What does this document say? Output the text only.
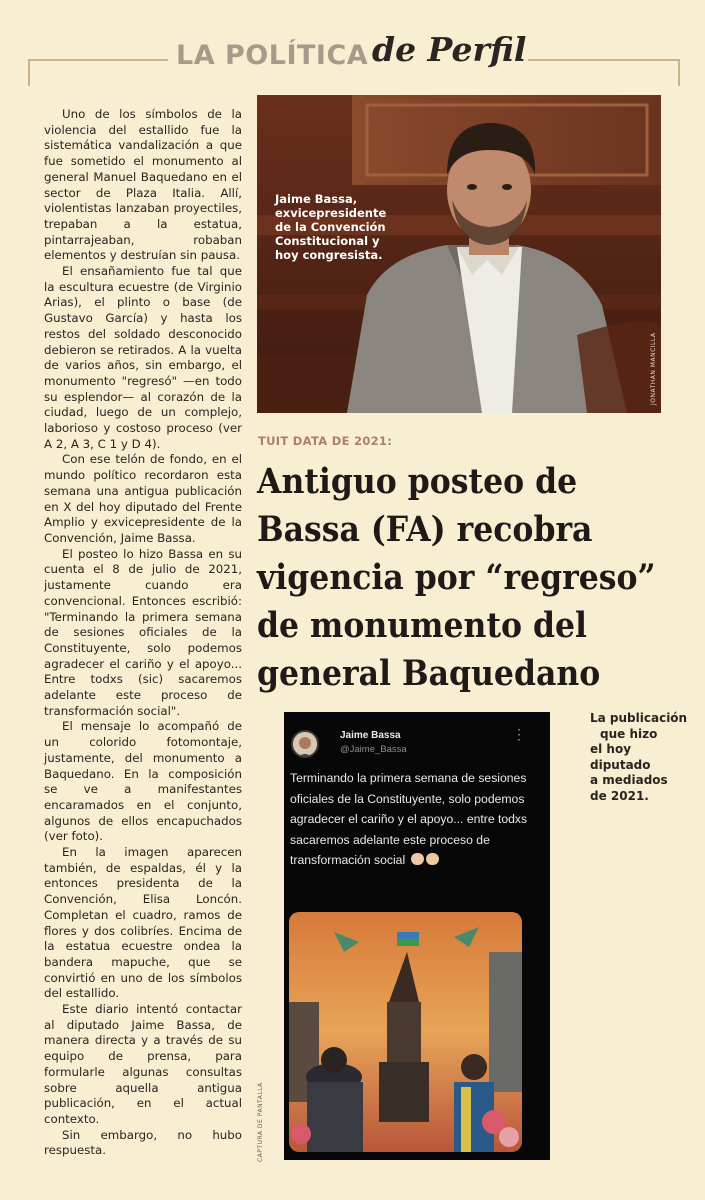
LA POLÍTICA de Perfil

Uno de los símbolos de la violencia del estallido fue la sistemática vandalización a que fue sometido el monumento al general Manuel Baquedano en el sector de Plaza Italia. Allí, violentistas lanzaban proyectiles, trepaban a la estatua, pintarrajeaban, robaban elementos y destruían sin pausa.

El ensañamiento fue tal que la escultura ecuestre (de Virginio Arias), el plinto o base (de Gustavo García) y hasta los restos del soldado desconocido debieron se retirados. A la vuelta de varios años, sin embargo, el monumento "regresó" —en todo su esplendor— al corazón de la ciudad, luego de un complejo, laborioso y costoso proceso (ver A 2, A 3, C 1 y D 4).

Con ese telón de fondo, en el mundo político recordaron esta semana una antigua publicación en X del hoy diputado del Frente Amplio y exvicepresidente de la Convención, Jaime Bassa.

El posteo lo hizo Bassa en su cuenta el 8 de julio de 2021, justamente cuando era convencional. Entonces escribió: "Terminando la primera semana de sesiones oficiales de la Constituyente, solo podemos agradecer el cariño y el apoyo... Entre todxs (sic) sacaremos adelante este proceso de transformación social".

El mensaje lo acompañó de un colorido fotomontaje, justamente, del monumento a Baquedano. En la composición se ve a manifestantes encaramados en el conjunto, algunos de ellos encapuchados (ver foto).

En la imagen aparecen también, de espaldas, él y la entonces presidenta de la Convención, Elisa Loncón. Completan el cuadro, ramos de flores y dos colibríes. Encima de la estatua ecuestre ondea la bandera mapuche, que se convirtió en uno de los símbolos del estallido.

Este diario intentó contactar al diputado Jaime Bassa, de manera directa y a través de su equipo de prensa, para formularle algunas consultas sobre aquella antigua publicación, en el actual contexto.

Sin embargo, no hubo respuesta.

Jaime Bassa, exvicepresidente de la Convención Constitucional y hoy congresista.
JONATHAN MANCILLA
TUIT DATA DE 2021:
Antiguo posteo de Bassa (FA) recobra vigencia por “regreso” de monumento del general Baquedano
Jaime Bassa
@Jaime_Bassa
⋮
Terminando la primera semana de sesiones oficiales de la Constituyente, solo podemos agradecer el cariño y el apoyo... entre todxs sacaremos adelante este proceso de transformación social
CAPTURA DE PANTALLA
La publicación
que hizo
el hoy diputado
a mediados
de 2021.
